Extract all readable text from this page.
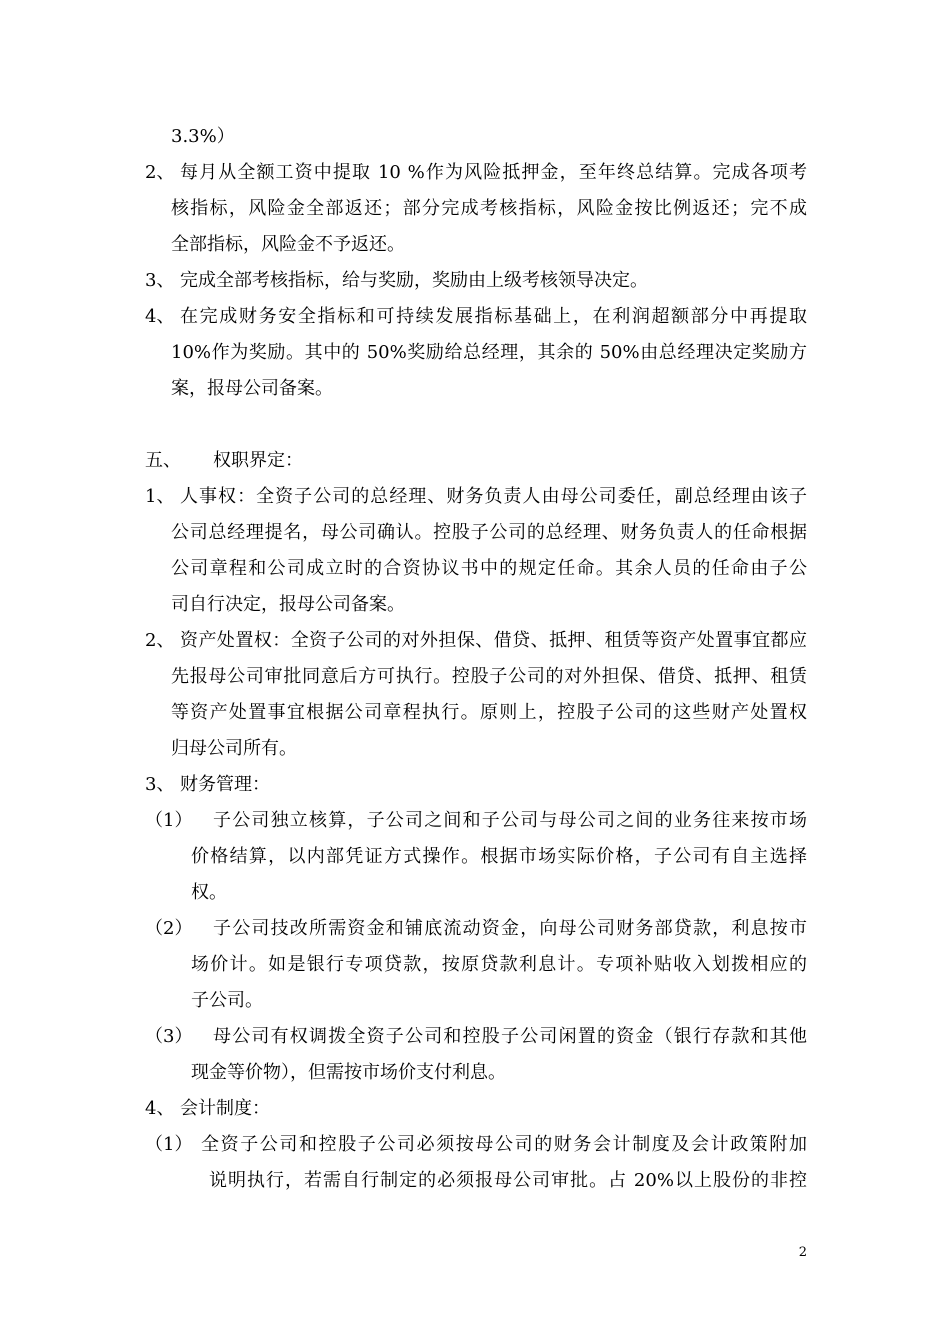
3.3%）
2、 每月从全额工资中提取 10 %作为风险抵押金，至年终总结算。完成各项考
核指标，风险金全部返还；部分完成考核指标，风险金按比例返还；完不成
全部指标，风险金不予返还。
3、 完成全部考核指标，给与奖励，奖励由上级考核领导决定。
4、 在完成财务安全指标和可持续发展指标基础上，在利润超额部分中再提取
10%作为奖励。其中的 50%奖励给总经理，其余的 50%由总经理决定奖励方
案，报母公司备案。
五、 权职界定：
1、 人事权：全资子公司的总经理、财务负责人由母公司委任，副总经理由该子
公司总经理提名，母公司确认。控股子公司的总经理、财务负责人的任命根据
公司章程和公司成立时的合资协议书中的规定任命。其余人员的任命由子公
司自行决定，报母公司备案。
2、 资产处置权：全资子公司的对外担保、借贷、抵押、租赁等资产处置事宜都应
先报母公司审批同意后方可执行。控股子公司的对外担保、借贷、抵押、租赁
等资产处置事宜根据公司章程执行。原则上，控股子公司的这些财产处置权
归母公司所有。
3、 财务管理：
（1） 子公司独立核算，子公司之间和子公司与母公司之间的业务往来按市场
价格结算，以内部凭证方式操作。根据市场实际价格，子公司有自主选择
权。
（2） 子公司技改所需资金和铺底流动资金，向母公司财务部贷款，利息按市
场价计。如是银行专项贷款，按原贷款利息计。专项补贴收入划拨相应的
子公司。
（3） 母公司有权调拨全资子公司和控股子公司闲置的资金（银行存款和其他
现金等价物），但需按市场价支付利息。
4、 会计制度：
（1） 全资子公司和控股子公司必须按母公司的财务会计制度及会计政策附加
说明执行，若需自行制定的必须报母公司审批。占 20%以上股份的非控
2
